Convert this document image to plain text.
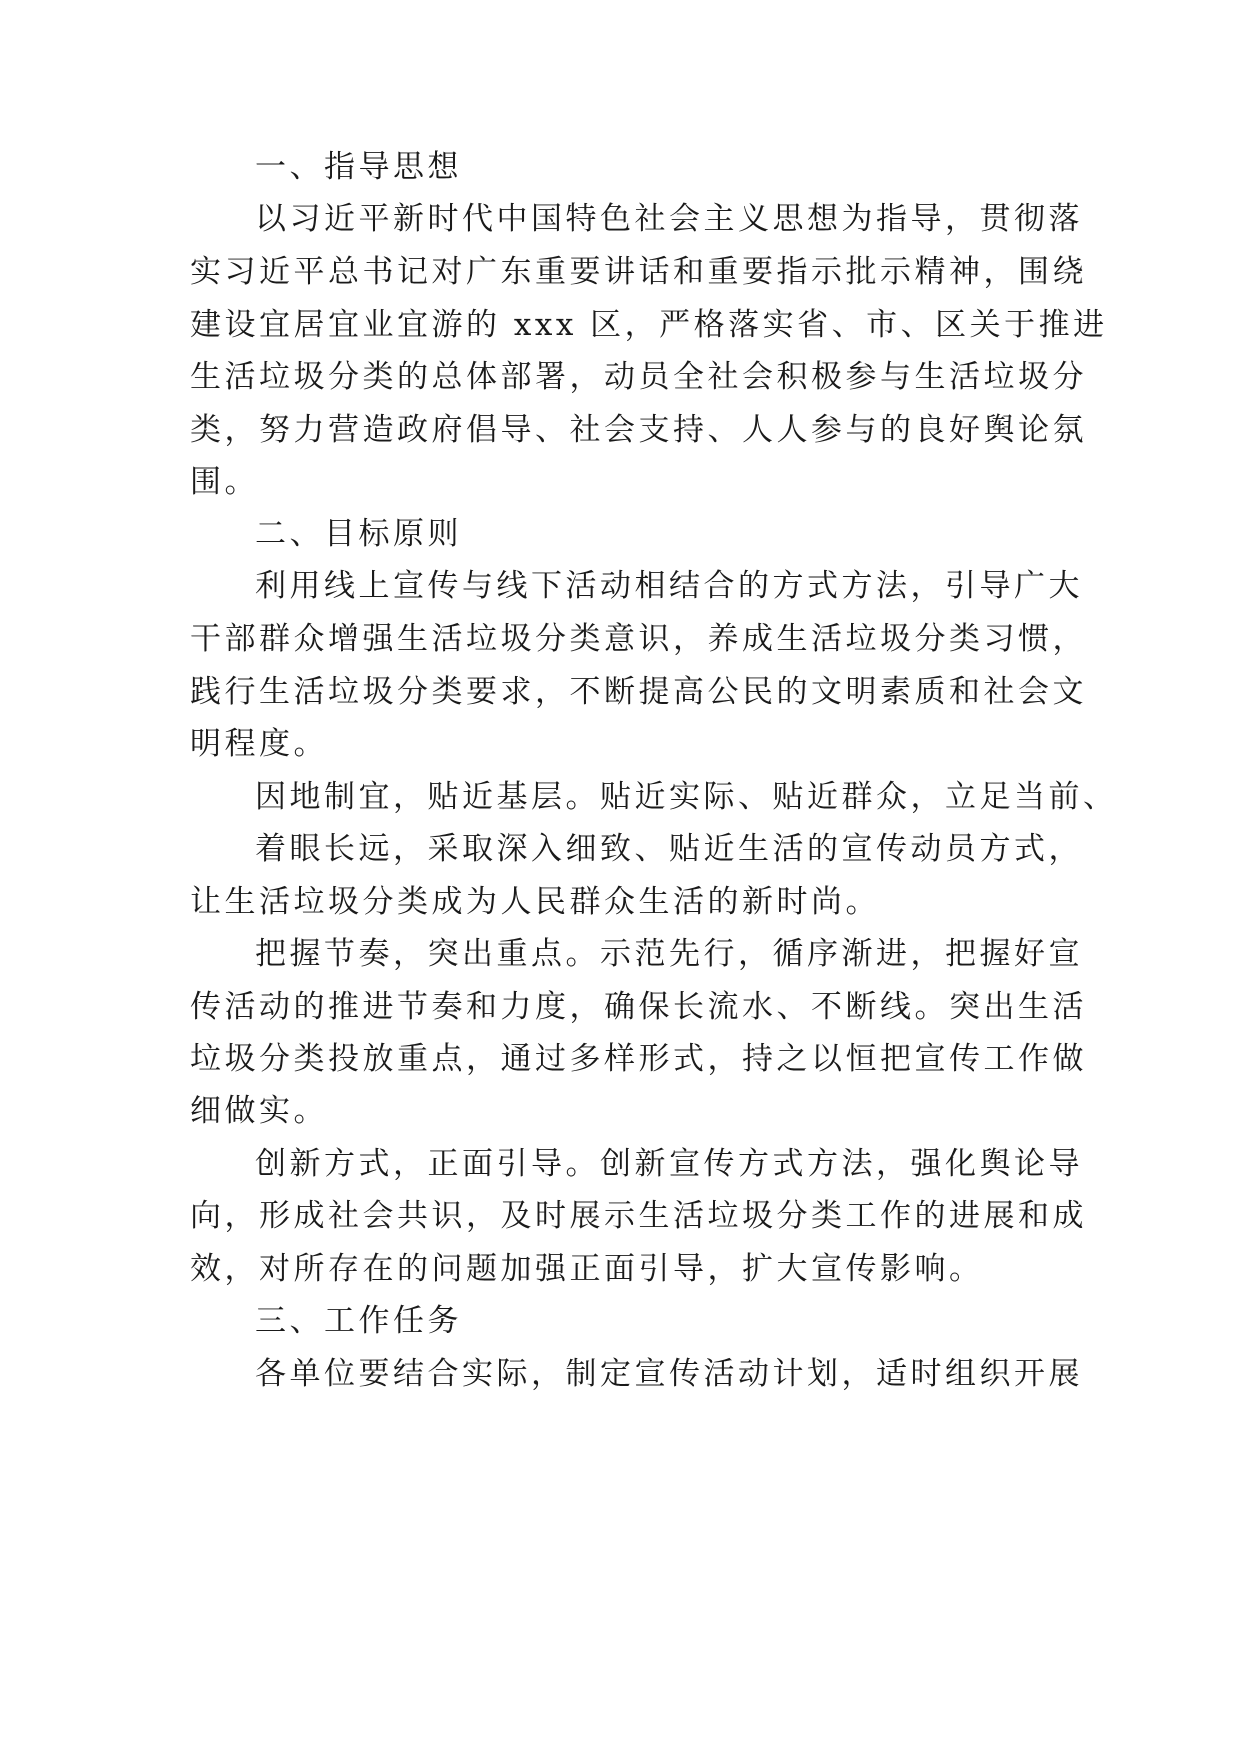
一、指导思想
以习近平新时代中国特色社会主义思想为指导，贯彻落
实习近平总书记对广东重要讲话和重要指示批示精神，围绕
建设宜居宜业宜游的 xxx 区，严格落实省、市、区关于推进
生活垃圾分类的总体部署，动员全社会积极参与生活垃圾分
类，努力营造政府倡导、社会支持、人人参与的良好舆论氛
围。
二、目标原则
利用线上宣传与线下活动相结合的方式方法，引导广大
干部群众增强生活垃圾分类意识，养成生活垃圾分类习惯，
践行生活垃圾分类要求，不断提高公民的文明素质和社会文
明程度。
因地制宜，贴近基层。贴近实际、贴近群众，立足当前、
着眼长远，采取深入细致、贴近生活的宣传动员方式，
让生活垃圾分类成为人民群众生活的新时尚。
把握节奏，突出重点。示范先行，循序渐进，把握好宣
传活动的推进节奏和力度，确保长流水、不断线。突出生活
垃圾分类投放重点，通过多样形式，持之以恒把宣传工作做
细做实。
创新方式，正面引导。创新宣传方式方法，强化舆论导
向，形成社会共识，及时展示生活垃圾分类工作的进展和成
效，对所存在的问题加强正面引导，扩大宣传影响。
三、工作任务
各单位要结合实际，制定宣传活动计划，适时组织开展
